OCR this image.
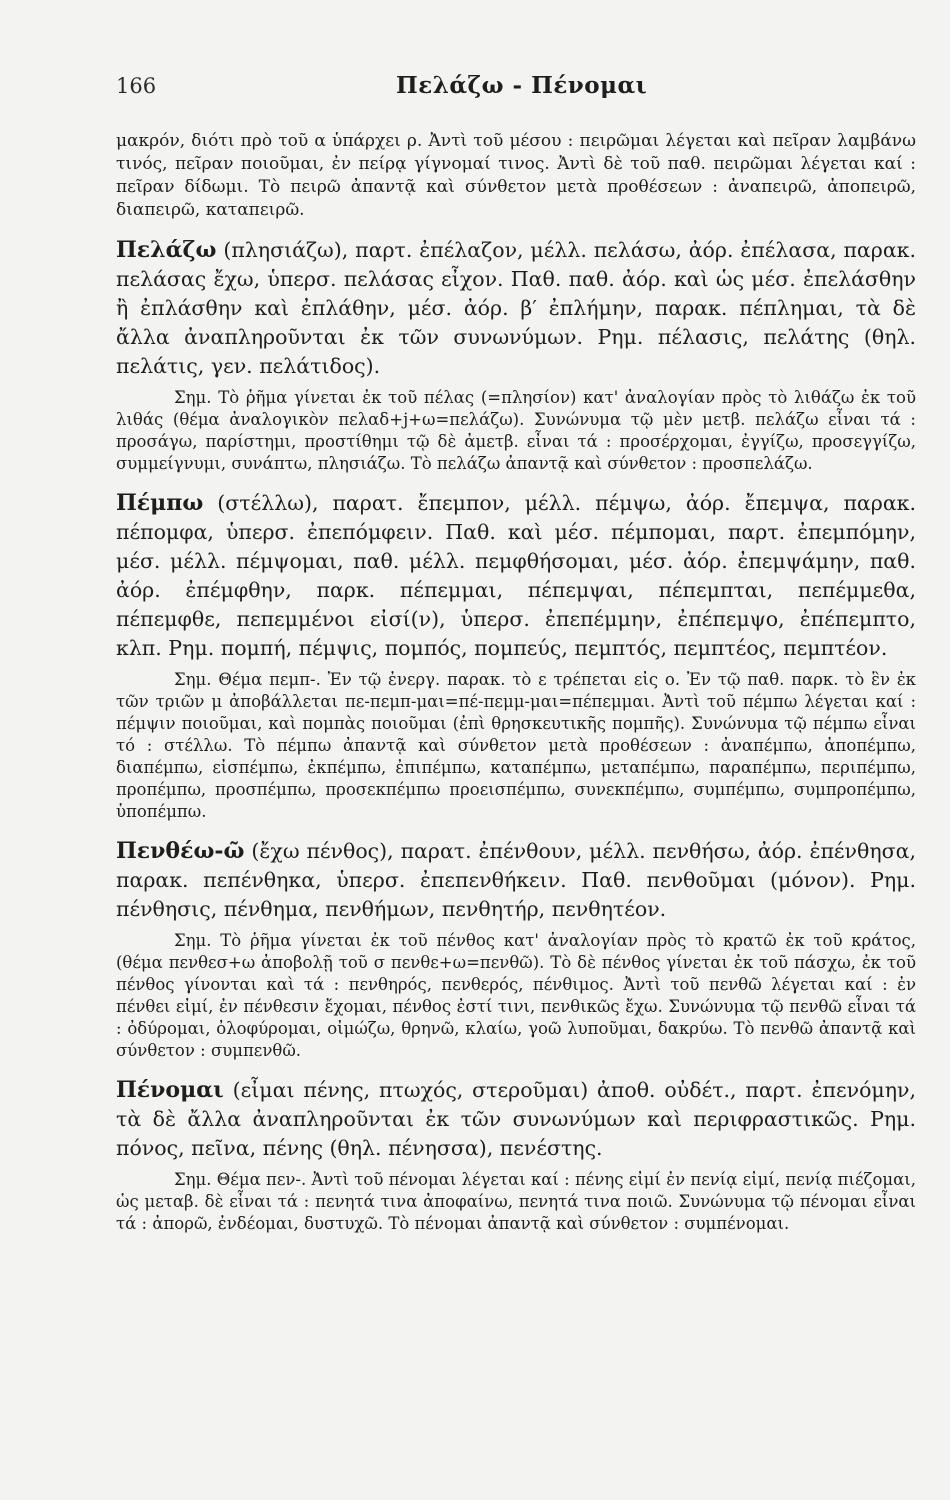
166	Πελάζω - Πένομαι

μακρόν, διότι πρὸ τοῦ α ὑπάρχει ρ. Ἀντὶ τοῦ μέσου : πειρῶμαι λέγεται καὶ πεῖραν λαμβάνω τινός, πεῖραν ποιοῦμαι, ἐν πείρᾳ γίγνομαί τινος. Ἀντὶ δὲ τοῦ παθ. πειρῶμαι λέγεται καί : πεῖραν δίδωμι. Τὸ πειρῶ ἀπαντᾷ καὶ σύνθετον μετὰ προθέσεων : ἀναπειρῶ, ἀποπειρῶ, διαπειρῶ, καταπειρῶ.

Πελάζω (πλησιάζω), παρτ. ἐπέλαζον, μέλλ. πελάσω, ἀόρ. ἐπέλασα, παρακ. πελάσας ἔχω, ὑπερσ. πελάσας εἶχον. Παθ. παθ. ἀόρ. καὶ ὡς μέσ. ἐπελάσθην ἢ ἐπλάσθην καὶ ἐπλάθην, μέσ. ἀόρ. β′ ἐπλήμην, παρακ. πέπλημαι, τὰ δὲ ἄλλα ἀναπληροῦνται ἐκ τῶν συνωνύμων. Ρημ. πέλασις, πελάτης (θηλ. πελάτις, γεν. πελάτιδος).

Σημ. Τὸ ῥῆμα γίνεται ἐκ τοῦ πέλας (=πλησίον) κατ' ἀναλογίαν πρὸς τὸ λιθάζω ἐκ τοῦ λιθάς (θέμα ἀναλογικὸν πελαδ+j+ω=πελάζω). Συνώνυμα τῷ μὲν μετβ. πελάζω εἶναι τά : προσάγω, παρίστημι, προστίθημι τῷ δὲ ἀμετβ. εἶναι τά : προσέρχομαι, ἐγγίζω, προσεγγίζω, συμμείγνυμι, συνάπτω, πλησιάζω. Τὸ πελάζω ἀπαντᾷ καὶ σύνθετον : προσπελάζω.

Πέμπω (στέλλω), παρατ. ἔπεμπον, μέλλ. πέμψω, ἀόρ. ἔπεμψα, παρακ. πέπομφα, ὑπερσ. ἐπεπόμφειν. Παθ. καὶ μέσ. πέμπομαι, παρτ. ἐπεμπόμην, μέσ. μέλλ. πέμψομαι, παθ. μέλλ. πεμφθήσομαι, μέσ. ἀόρ. ἐπεμψάμην, παθ. ἀόρ. ἐπέμφθην, παρκ. πέπεμμαι, πέπεμψαι, πέπεμπται, πεπέμμεθα, πέπεμφθε, πεπεμμένοι εἰσί(ν), ὑπερσ. ἐπεπέμμην, ἐπέπεμψο, ἐπέπεμπτο, κλπ. Ρημ. πομπή, πέμψις, πομπός, πομπεύς, πεμπτός, πεμπτέος, πεμπτέον.

Σημ. Θέμα πεμπ-. Ἐν τῷ ἐνεργ. παρακ. τὸ ε τρέπεται εἰς ο. Ἐν τῷ παθ. παρκ. τὸ ἓν ἐκ τῶν τριῶν μ ἀποβάλλεται πε-πεμπ-μαι=πέ-πεμμ-μαι=πέπεμμαι. Ἀντὶ τοῦ πέμπω λέγεται καί : πέμψιν ποιοῦμαι, καὶ πομπὰς ποιοῦμαι (ἐπὶ θρησκευτικῆς πομπῆς). Συνώνυμα τῷ πέμπω εἶναι τό : στέλλω. Τὸ πέμπω ἀπαντᾷ καὶ σύνθετον μετὰ προθέσεων : ἀναπέμπω, ἀποπέμπω, διαπέμπω, εἰσπέμπω, ἐκπέμπω, ἐπιπέμπω, καταπέμπω, μεταπέμπω, παραπέμπω, περιπέμπω, προπέμπω, προσπέμπω, προσεκπέμπω προεισπέμπω, συνεκπέμπω, συμπέμπω, συμπροπέμπω, ὑποπέμπω.

Πενθέω-ῶ (ἔχω πένθος), παρατ. ἐπένθουν, μέλλ. πενθήσω, ἀόρ. ἐπένθησα, παρακ. πεπένθηκα, ὑπερσ. ἐπεπενθήκειν. Παθ. πενθοῦμαι (μόνον). Ρημ. πένθησις, πένθημα, πενθήμων, πενθητήρ, πενθητέον.

Σημ. Τὸ ῥῆμα γίνεται ἐκ τοῦ πένθος κατ' ἀναλογίαν πρὸς τὸ κρατῶ ἐκ τοῦ κράτος, (θέμα πενθεσ+ω ἀποβολῇ τοῦ σ πενθε+ω=πενθῶ). Τὸ δὲ πένθος γίνεται ἐκ τοῦ πάσχω, ἐκ τοῦ πένθος γίνονται καὶ τά : πενθηρός, πενθερός, πένθιμος. Ἀντὶ τοῦ πενθῶ λέγεται καί : ἐν πένθει εἰμί, ἐν πένθεσιν ἔχομαι, πένθος ἐστί τινι, πενθικῶς ἔχω. Συνώνυμα τῷ πενθῶ εἶναι τά : ὀδύρομαι, ὀλοφύρομαι, οἰμώζω, θρηνῶ, κλαίω, γοῶ λυποῦμαι, δακρύω. Τὸ πενθῶ ἀπαντᾷ καὶ σύνθετον : συμπενθῶ.

Πένομαι (εἶμαι πένης, πτωχός, στεροῦμαι) ἀποθ. οὐδέτ., παρτ. ἐπενόμην, τὰ δὲ ἄλλα ἀναπληροῦνται ἐκ τῶν συνωνύμων καὶ περιφραστικῶς. Ρημ. πόνος, πεῖνα, πένης (θηλ. πένησσα), πενέστης.

Σημ. Θέμα πεν-. Ἀντὶ τοῦ πένομαι λέγεται καί : πένης εἰμί ἐν πενίᾳ εἰμί, πενίᾳ πιέζομαι, ὡς μεταβ. δὲ εἶναι τά : πενητά τινα ἀποφαίνω, πενητά τινα ποιῶ. Συνώνυμα τῷ πένομαι εἶναι τά : ἀπορῶ, ἐνδέομαι, δυστυχῶ. Τὸ πένομαι ἀπαντᾷ καὶ σύνθετον : συμπένομαι.
